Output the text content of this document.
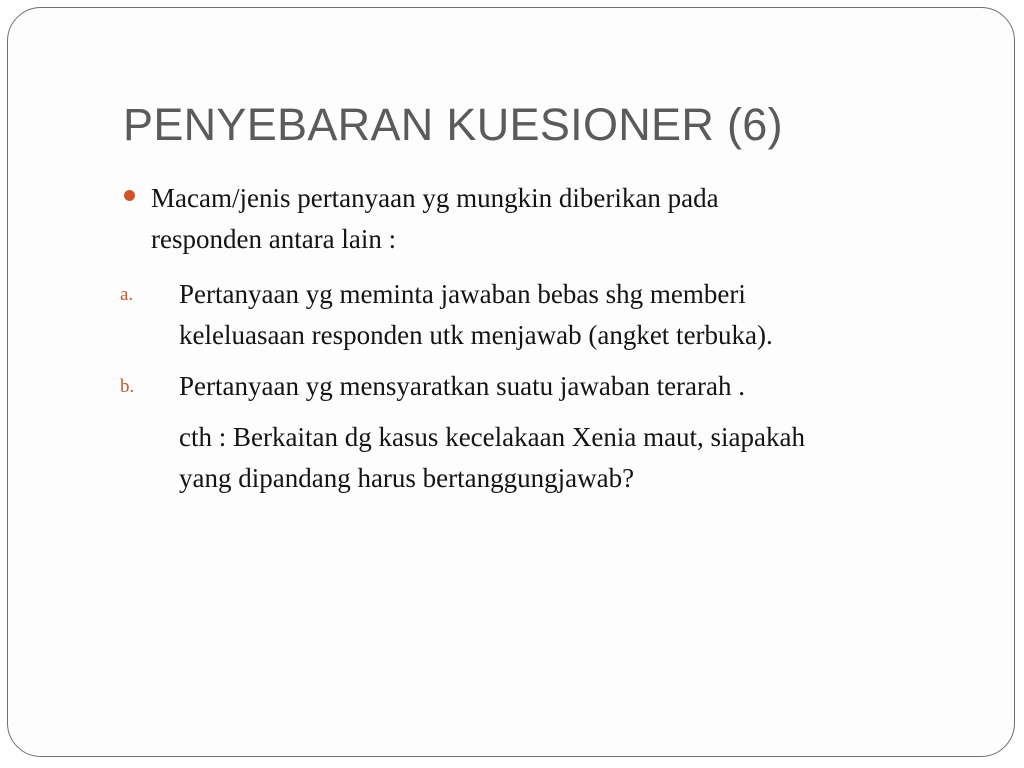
PENYEBARAN KUESIONER (6)
Macam/jenis pertanyaan yg mungkin diberikan pada
responden antara lain :
a. Pertanyaan yg meminta jawaban bebas shg memberi
keleluasaan responden utk menjawab (angket terbuka).
b. Pertanyaan yg mensyaratkan suatu jawaban terarah .
cth : Berkaitan dg kasus kecelakaan Xenia maut, siapakah
yang dipandang harus bertanggungjawab?
